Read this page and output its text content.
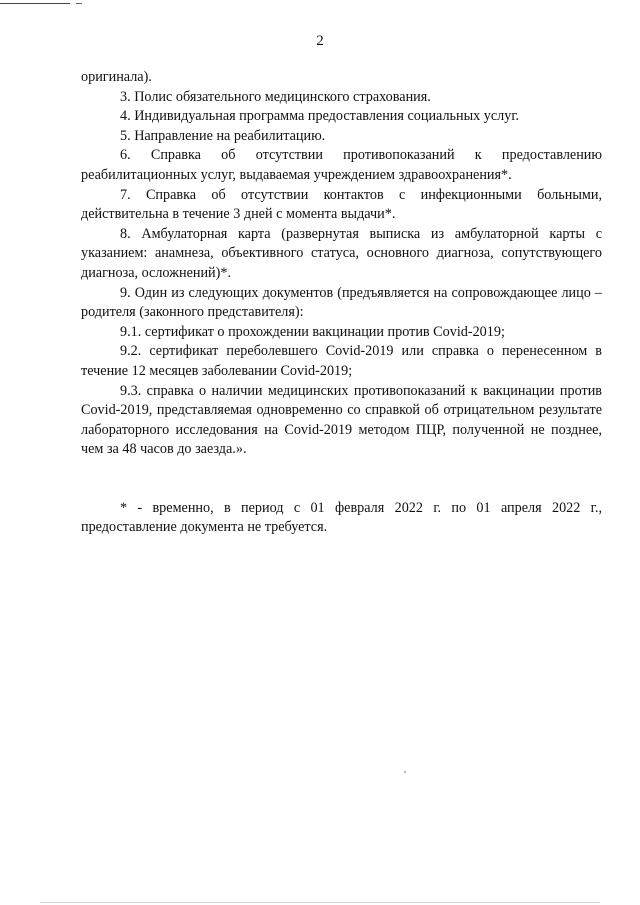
2

оригинала).

3. Полис обязательного медицинского страхования.

4. Индивидуальная программа предоставления социальных услуг.

5. Направление на реабилитацию.

6. Справка об отсутствии противопоказаний к предоставлению реабилитационных услуг, выдаваемая учреждением здравоохранения*.

7. Справка об отсутствии контактов с инфекционными больными, действительна в течение 3 дней с момента выдачи*.

8. Амбулаторная карта (развернутая выписка из амбулаторной карты с указанием: анамнеза, объективного статуса, основного диагноза, сопутствующего диагноза, осложнений)*.

9. Один из следующих документов (предъявляется на сопровождающее лицо – родителя (законного представителя):

9.1. сертификат о прохождении вакцинации против Covid-2019;

9.2. сертификат переболевшего Covid-2019 или справка о перенесенном в течение 12 месяцев заболевании Covid-2019;

9.3. справка о наличии медицинских противопоказаний к вакцинации против Covid-2019, представляемая одновременно со справкой об отрицательном результате лабораторного исследования на Covid-2019 методом ПЦР, полученной не позднее, чем за 48 часов до заезда.».

* - временно, в период с 01 февраля 2022 г. по 01 апреля 2022 г., предоставление документа не требуется.
